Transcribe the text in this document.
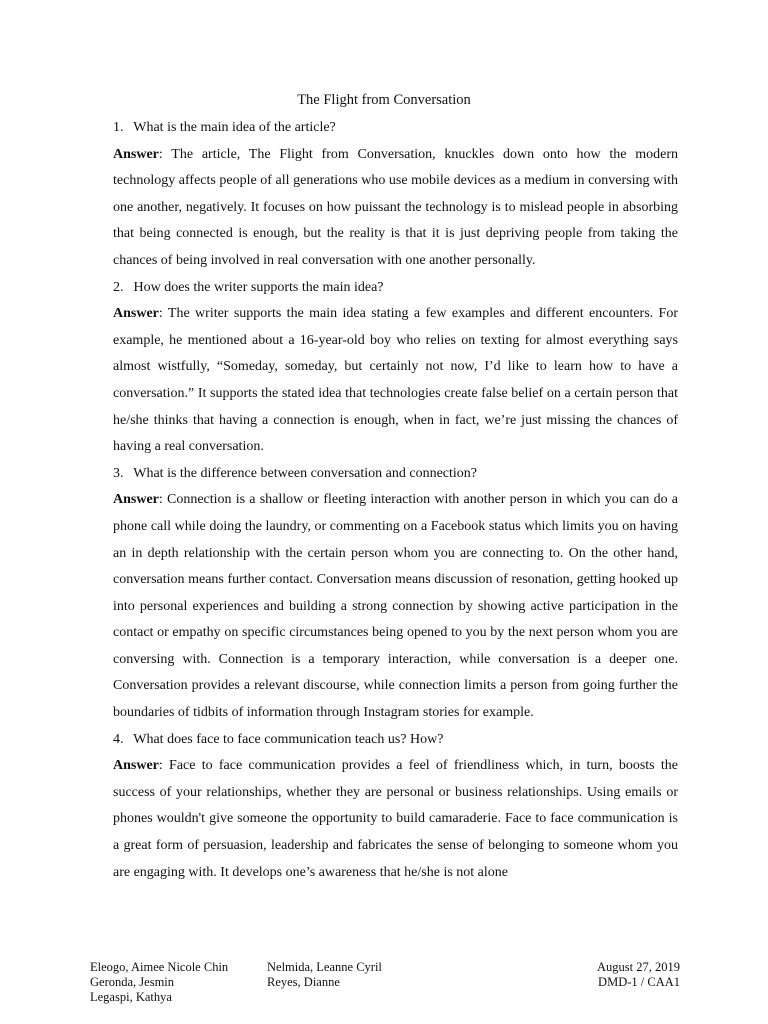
The Flight from Conversation

1. What is the main idea of the article?

Answer: The article, The Flight from Conversation, knuckles down onto how the modern technology affects people of all generations who use mobile devices as a medium in conversing with one another, negatively. It focuses on how puissant the technology is to mislead people in absorbing that being connected is enough, but the reality is that it is just depriving people from taking the chances of being involved in real conversation with one another personally.

2. How does the writer supports the main idea?

Answer: The writer supports the main idea stating a few examples and different encounters. For example, he mentioned about a 16-year-old boy who relies on texting for almost everything says almost wistfully, “Someday, someday, but certainly not now, I’d like to learn how to have a conversation.” It supports the stated idea that technologies create false belief on a certain person that he/she thinks that having a connection is enough, when in fact, we’re just missing the chances of having a real conversation.

3. What is the difference between conversation and connection?

Answer: Connection is a shallow or fleeting interaction with another person in which you can do a phone call while doing the laundry, or commenting on a Facebook status which limits you on having an in depth relationship with the certain person whom you are connecting to. On the other hand, conversation means further contact. Conversation means discussion of resonation, getting hooked up into personal experiences and building a strong connection by showing active participation in the contact or empathy on specific circumstances being opened to you by the next person whom you are conversing with. Connection is a temporary interaction, while conversation is a deeper one. Conversation provides a relevant discourse, while connection limits a person from going further the boundaries of tidbits of information through Instagram stories for example.

4. What does face to face communication teach us? How?

Answer: Face to face communication provides a feel of friendliness which, in turn, boosts the success of your relationships, whether they are personal or business relationships. Using emails or phones wouldn't give someone the opportunity to build camaraderie. Face to face communication is a great form of persuasion, leadership and fabricates the sense of belonging to someone whom you are engaging with. It develops one’s awareness that he/she is not alone

Eleogo, Aimee Nicole Chin
Geronda, Jesmin
Legaspi, Kathya
Nelmida, Leanne Cyril
Reyes, Dianne
August 27, 2019
DMD-1 / CAA1
